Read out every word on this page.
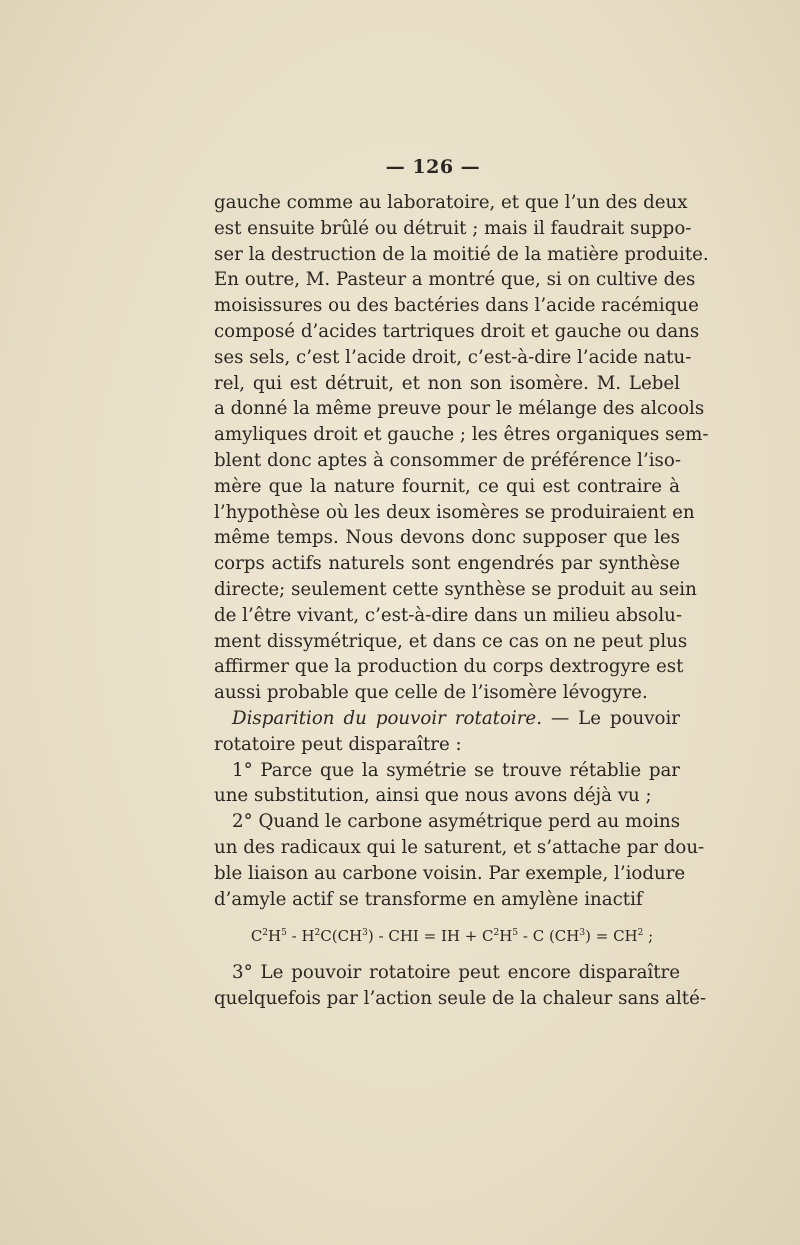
— 126 —
gauche comme au laboratoire, et que l’un des deux
est ensuite brûlé ou détruit ; mais il faudrait suppo-
ser la destruction de la moitié de la matière produite.
En outre, M. Pasteur a montré que, si on cultive des
moisissures ou des bactéries dans l’acide racémique
composé d’acides tartriques droit et gauche ou dans
ses sels, c’est l’acide droit, c’est-à-dire l’acide natu-
rel, qui est détruit, et non son isomère. M. Lebel
a donné la même preuve pour le mélange des alcools
amyliques droit et gauche ; les êtres organiques sem-
blent donc aptes à consommer de préférence l’iso-
mère que la nature fournit, ce qui est contraire à
l’hypothèse où les deux isomères se produiraient en
même temps. Nous devons donc supposer que les
corps actifs naturels sont engendrés par synthèse
directe; seulement cette synthèse se produit au sein
de l’être vivant, c’est-à-dire dans un milieu absolu-
ment dissymétrique, et dans ce cas on ne peut plus
affirmer que la production du corps dextrogyre est
aussi probable que celle de l’isomère lévogyre.
Disparition du pouvoir rotatoire. — Le pouvoir
rotatoire peut disparaître :
1° Parce que la symétrie se trouve rétablie par
une substitution, ainsi que nous avons déjà vu ;
2° Quand le carbone asymétrique perd au moins
un des radicaux qui le saturent, et s’attache par dou-
ble liaison au carbone voisin. Par exemple, l’iodure
d’amyle actif se transforme en amylène inactif
$C^2H^5 - H^2C(CH^3)$ - CHI = IH + $C^2H^5$ - C $(CH^3) = CH^2$ ;
3° Le pouvoir rotatoire peut encore disparaître
quelquefois par l’action seule de la chaleur sans alté-
